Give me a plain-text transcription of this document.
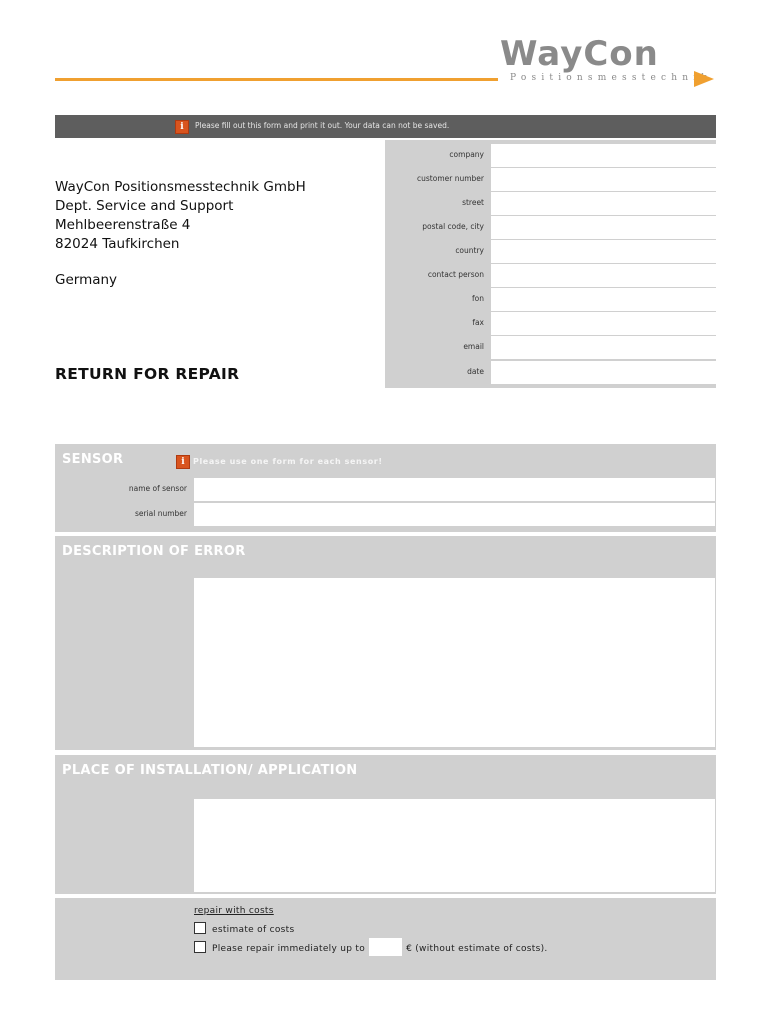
WayCon
Positionsmesstechnik
i	Please fill out this form and print it out. Your data can not be saved.
WayCon Positionsmesstechnik GmbH
Dept. Service and Support
Mehlbeerenstraße 4
82024 Taufkirchen
Germany
RETURN FOR REPAIR
company
customer number
street
postal code, city
country
contact person
fon
fax
email
date
SENSOR	i	Please use one form for each sensor!
name of sensor
serial number
DESCRIPTION OF ERROR
PLACE OF INSTALLATION/ APPLICATION
repair with costs
estimate of costs
Please repair immediately up to	€ (without estimate of costs).
